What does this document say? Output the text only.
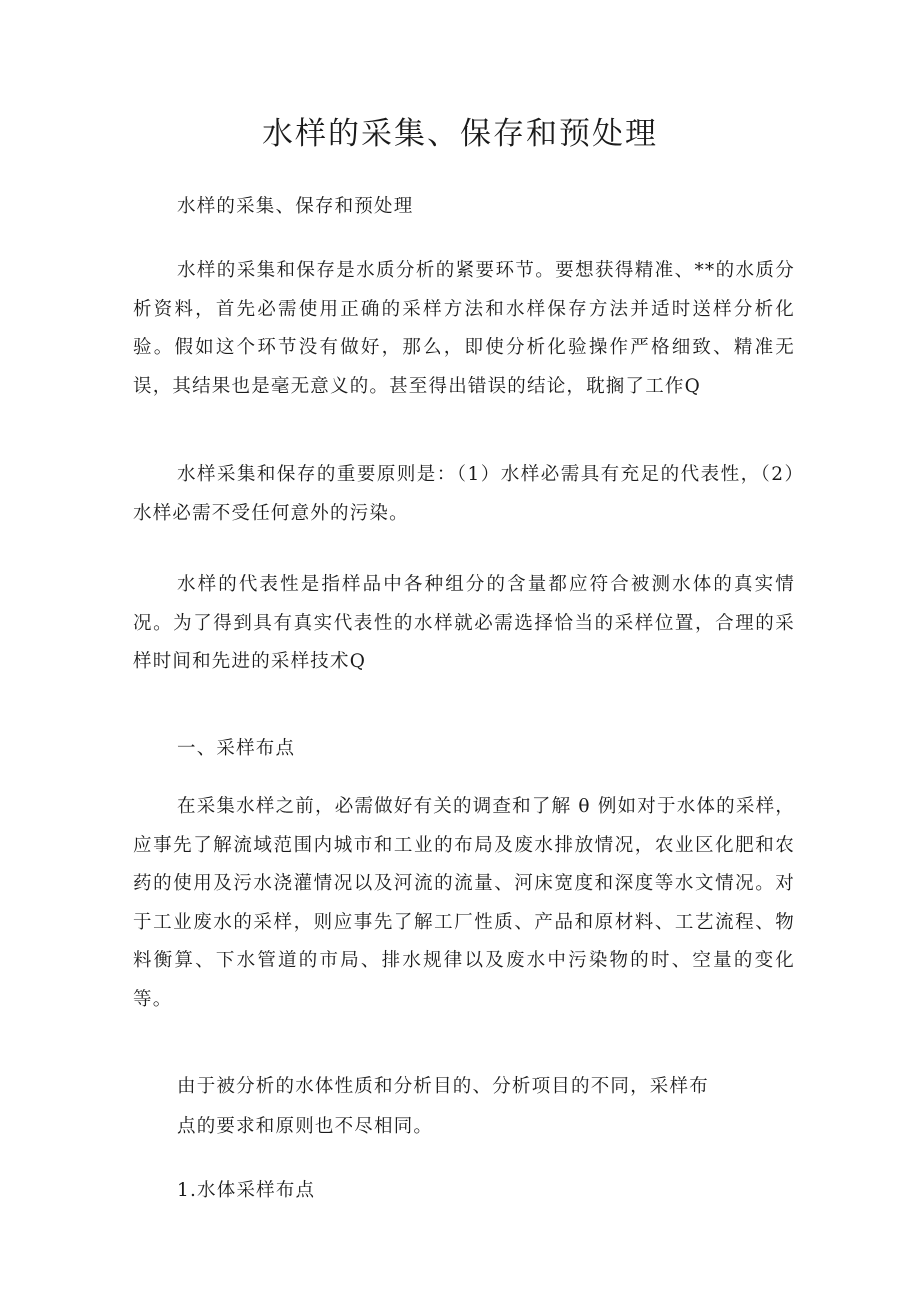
水样的采集、保存和预处理

水样的采集、保存和预处理

水样的采集和保存是水质分析的紧要环节。要想获得精准、**的水质分析资料，首先必需使用正确的采样方法和水样保存方法并适时送样分析化验。假如这个环节没有做好，那么，即使分析化验操作严格细致、精准无误，其结果也是毫无意义的。甚至得出错误的结论，耽搁了工作Q

水样采集和保存的重要原则是：（1）水样必需具有充足的代表性，（2）水样必需不受任何意外的污染。

水样的代表性是指样品中各种组分的含量都应符合被测水体的真实情况。为了得到具有真实代表性的水样就必需选择恰当的采样位置，合理的采样时间和先进的采样技术Q

一、采样布点

在采集水样之前，必需做好有关的调查和了解 θ 例如对于水体的采样，应事先了解流域范围内城市和工业的布局及废水排放情况，农业区化肥和农药的使用及污水浇灌情况以及河流的流量、河床宽度和深度等水文情况。对于工业废水的采样，则应事先了解工厂性质、产品和原材料、工艺流程、物料衡算、下水管道的市局、排水规律以及废水中污染物的时、空量的变化等。

由于被分析的水体性质和分析目的、分析项目的不同，采样布

点的要求和原则也不尽相同。

1.水体采样布点
